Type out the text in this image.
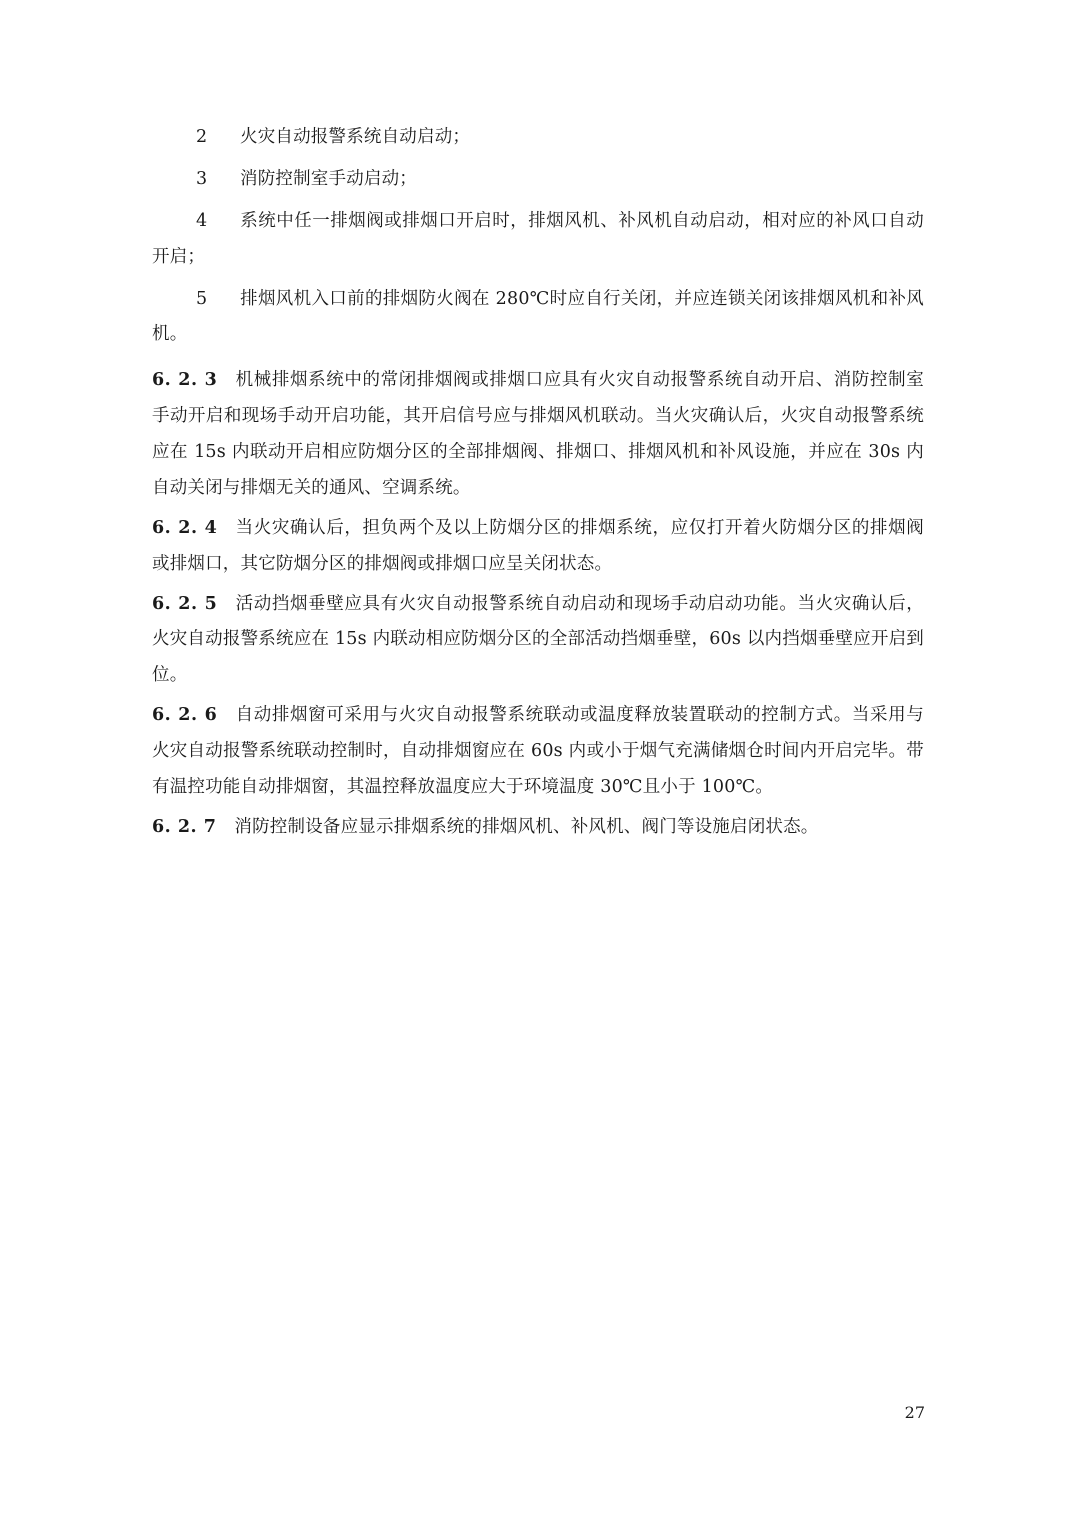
2 火灾自动报警系统自动启动；

3 消防控制室手动启动；

4 系统中任一排烟阀或排烟口开启时，排烟风机、补风机自动启动，相对应的补风口自动开启；

5 排烟风机入口前的排烟防火阀在 280℃时应自行关闭，并应连锁关闭该排烟风机和补风机。

6. 2. 3 机械排烟系统中的常闭排烟阀或排烟口应具有火灾自动报警系统自动开启、消防控制室手动开启和现场手动开启功能，其开启信号应与排烟风机联动。当火灾确认后，火灾自动报警系统应在 15s 内联动开启相应防烟分区的全部排烟阀、排烟口、排烟风机和补风设施，并应在 30s 内自动关闭与排烟无关的通风、空调系统。

6. 2. 4 当火灾确认后，担负两个及以上防烟分区的排烟系统，应仅打开着火防烟分区的排烟阀或排烟口，其它防烟分区的排烟阀或排烟口应呈关闭状态。

6. 2. 5 活动挡烟垂壁应具有火灾自动报警系统自动启动和现场手动启动功能。当火灾确认后，火灾自动报警系统应在 15s 内联动相应防烟分区的全部活动挡烟垂壁，60s 以内挡烟垂壁应开启到位。

6. 2. 6 自动排烟窗可采用与火灾自动报警系统联动或温度释放装置联动的控制方式。当采用与火灾自动报警系统联动控制时，自动排烟窗应在 60s 内或小于烟气充满储烟仓时间内开启完毕。带有温控功能自动排烟窗，其温控释放温度应大于环境温度 30℃且小于 100℃。

6. 2. 7 消防控制设备应显示排烟系统的排烟风机、补风机、阀门等设施启闭状态。

27
